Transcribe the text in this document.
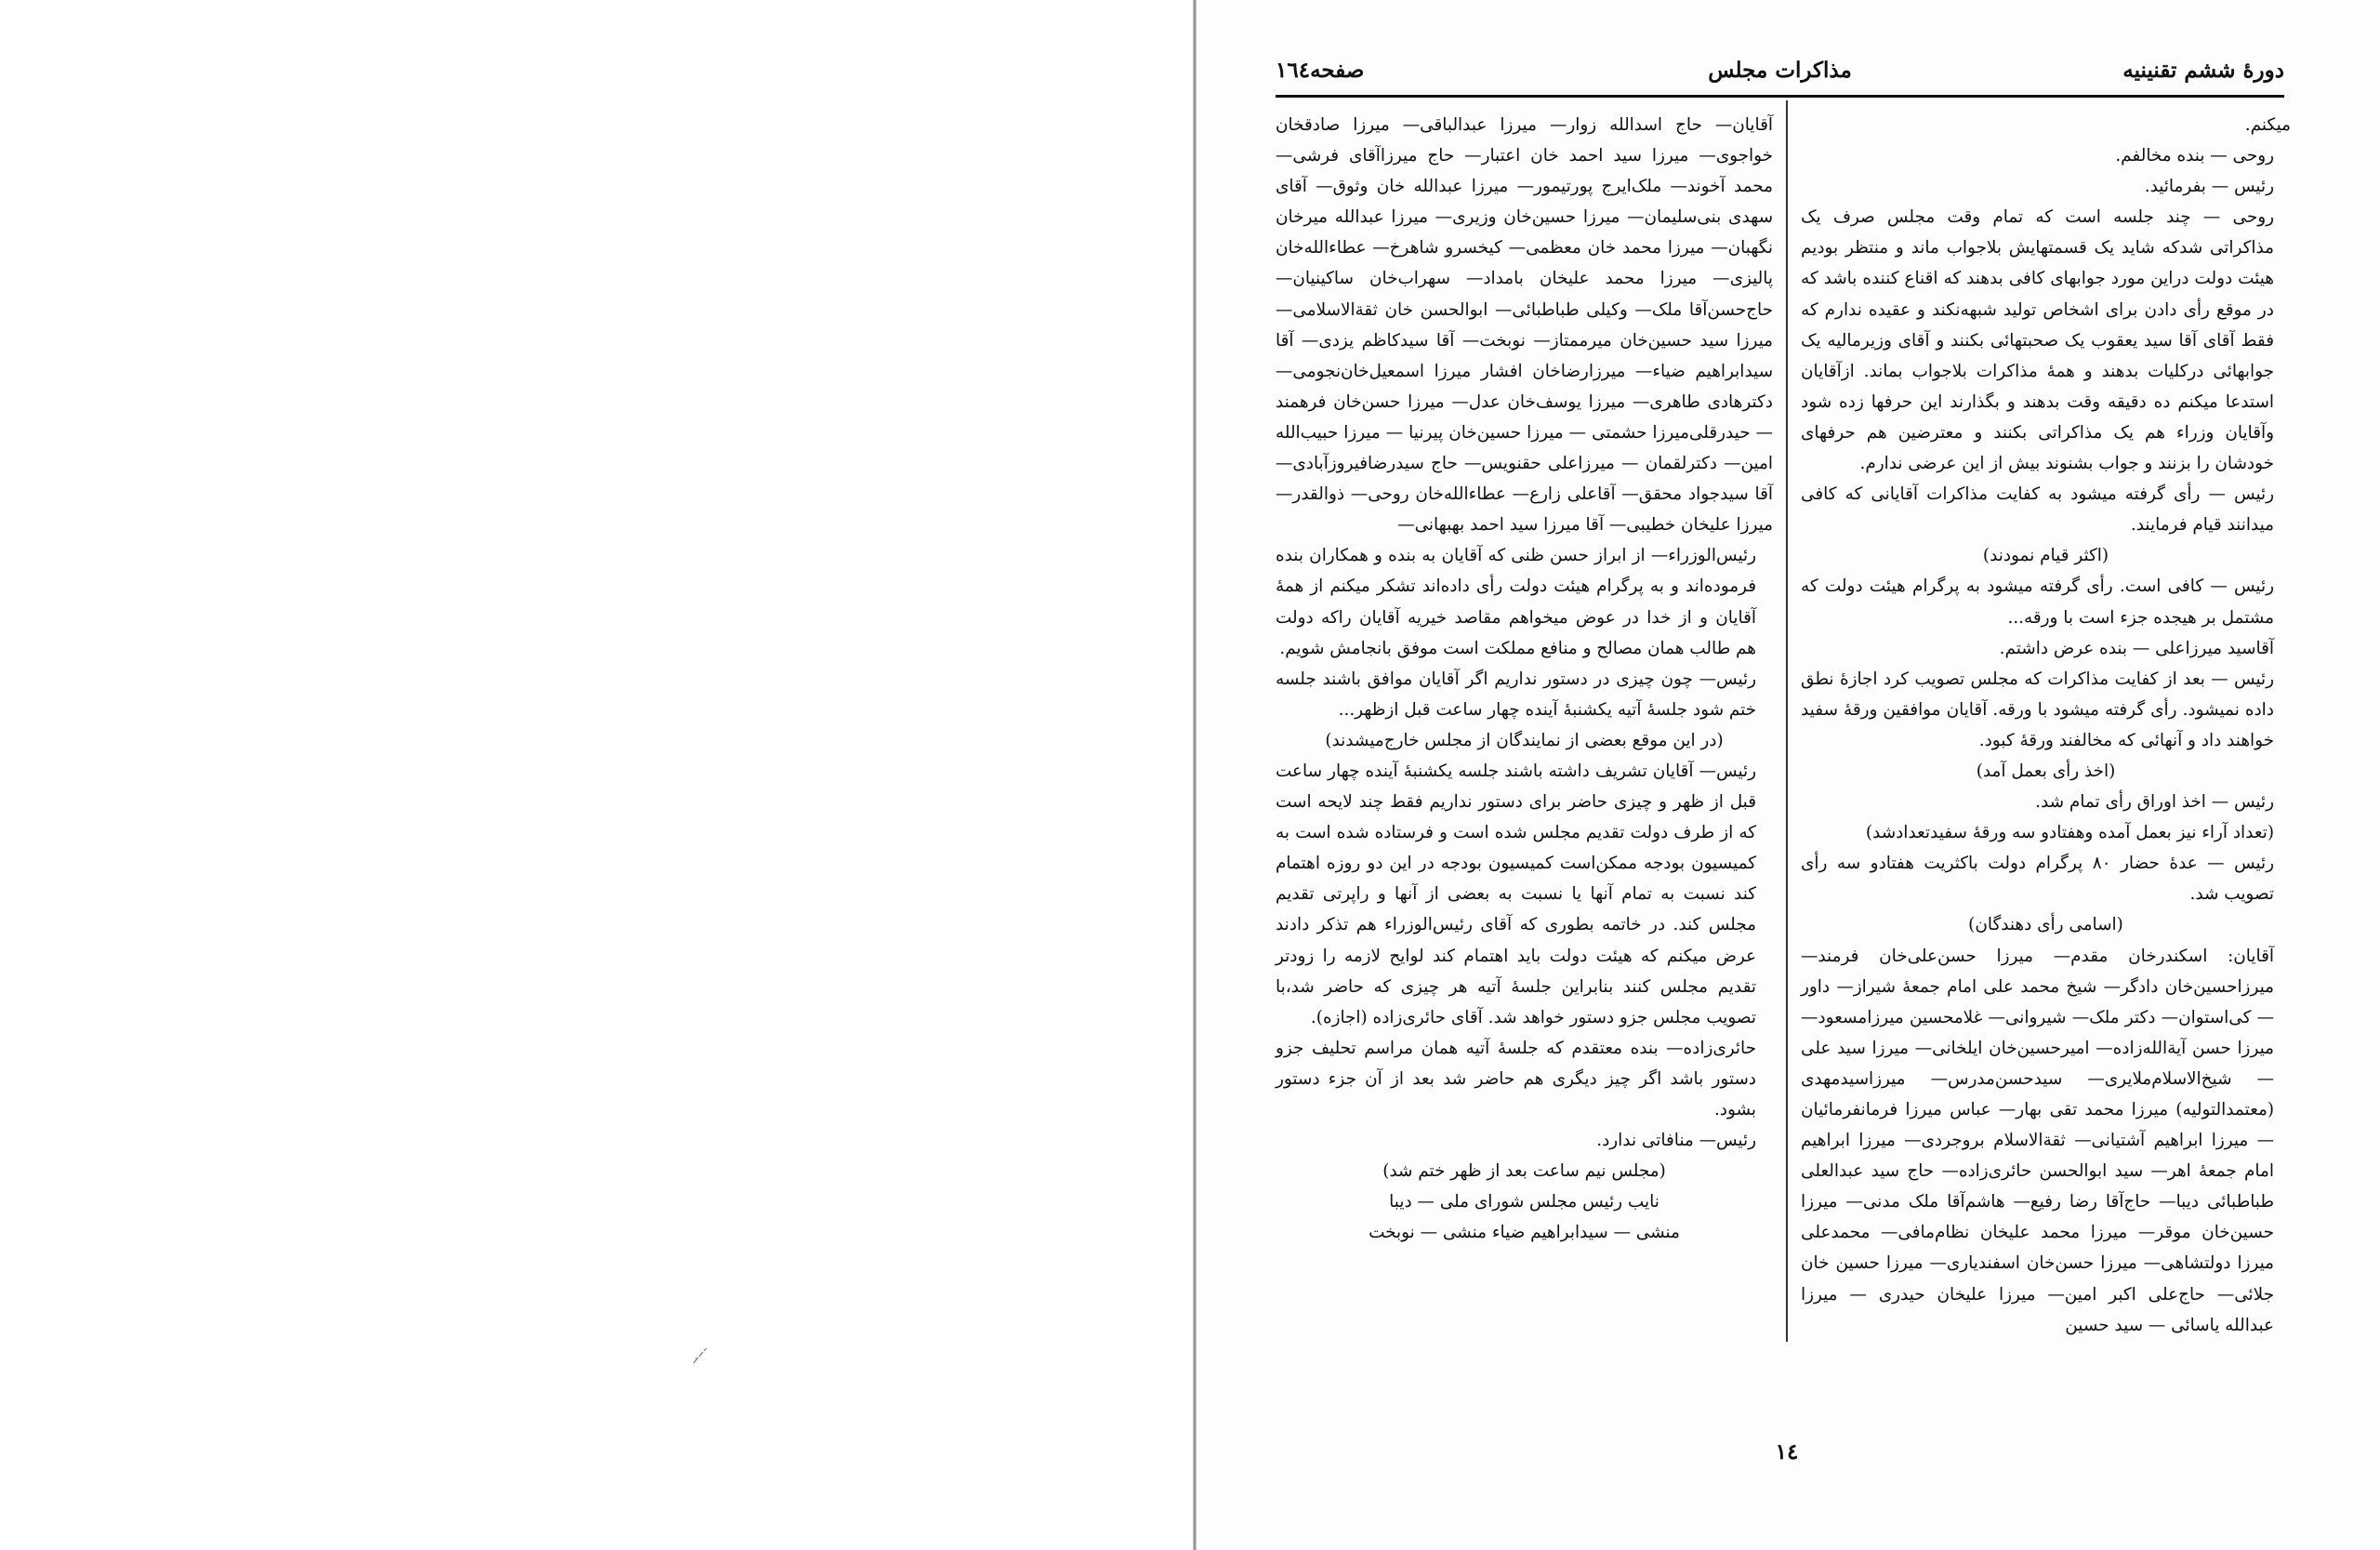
دورهٔ ششم تقنینیه
مذاکرات مجلس
صفحه۱٦٤

میکنم.

روحی — بنده مخالفم.

رئیس — بفرمائید.

روحی — چند جلسه است که تمام وقت مجلس صرف یک مذاکراتی شدکه شاید یک قسمتهایش بلاجواب ماند و منتظر بودیم هیئت دولت دراین مورد جوابهای کافی بدهند که اقناع کننده باشد که در موقع رأی دادن برای اشخاص تولید شبهه‌نکند و عقیده ندارم که فقط آقای آقا سید یعقوب یک صحبتهائی بکنند و آقای وزیرمالیه یک جوابهائی درکلیات بدهند و همهٔ مذاکرات بلاجواب بماند. ازآقایان استدعا میکنم ده دقیقه وقت بدهند و بگذارند این حرفها زده شود وآقایان وزراء هم یک مذاکراتی بکنند و معترضین هم حرفهای خودشان را بزنند و جواب بشنوند بیش از این عرضی ندارم.

رئیس — رأی گرفته میشود به کفایت مذاکرات آقایانی که کافی میدانند قیام فرمایند.

(اکثر قیام نمودند)

رئیس — کافی است. رأی گرفته میشود به پرگرام هیئت دولت که مشتمل بر هیجده جزء است با ورقه...

آقاسید میرزاعلی — بنده عرض داشتم.

رئیس — بعد از کفایت مذاکرات که مجلس تصویب کرد اجازهٔ نطق داده نمیشود. رأی گرفته میشود با ورقه. آقایان موافقین ورقهٔ سفید خواهند داد و آنهائی که مخالفند ورقهٔ کبود.

(اخذ رأی بعمل آمد)

رئیس — اخذ اوراق رأی تمام شد.

(تعداد آراء نیز بعمل آمده وهفتادو سه ورقهٔ سفیدتعدادشد)

رئیس — عدهٔ حضار ۸۰ پرگرام دولت باکثریت هفتادو سه رأی تصویب شد.

(اسامی رأی دهندگان)

آقایان: اسکندرخان مقدم— میرزا حسن‌علی‌خان فرمند— میرزاحسین‌خان دادگر— شیخ محمد علی امام جمعهٔ شیراز— داور— کی‌استوان— دکتر ملک— شیروانی— غلامحسین میرزامسعود— میرزا حسن آیةالله‌زاده— امیرحسین‌خان ایلخانی— میرزا سید علی— شیخ‌الاسلام‌ملایری— سیدحسن‌مدرس— میرزاسیدمهدی (معتمدالتولیه) میرزا محمد تقی بهار— عباس میرزا فرمانفرمائیان— میرزا ابراهیم آشتیانی— ثقةالاسلام بروجردی— میرزا ابراهیم امام جمعهٔ اهر— سید ابوالحسن حائری‌زاده— حاج سید عبدالعلی طباطبائی دیبا— حاج‌آقا رضا رفیع— هاشم‌آقا ملک مدنی— میرزا حسین‌خان موقر— میرزا محمد علیخان نظام‌مافی— محمدعلی میرزا دولتشاهی— میرزا حسن‌خان اسفندیاری— میرزا حسین خان جلائی— حاج‌علی اکبر امین— میرزا علیخان حیدری — میرزا عبدالله یاسائی — سید حسین

آقایان— حاج اسدالله زوار— میرزا عبدالباقی— میرزا صادقخان خواجوی— میرزا سید احمد خان اعتبار— حاج میرزاآقای فرشی— محمد آخوند— ملک‌ایرج پورتیمور— میرزا عبدالله خان وثوق— آقای سهدی بنی‌سلیمان— میرزا حسین‌خان وزیری— میرزا عبدالله میرخان نگهبان— میرزا محمد خان معظمی— کیخسرو شاهرخ— عطاءالله‌خان پالیزی— میرزا محمد علیخان بامداد— سهراب‌خان ساکینیان— حاج‌حسن‌آقا ملک— وکیلی طباطبائی— ابوالحسن خان ثقةالاسلامی— میرزا سید حسین‌خان میرممتاز— نوبخت— آقا سیدکاظم یزدی— آقا سیدابراهیم ضیاء— میرزارضاخان افشار میرزا اسمعیل‌خان‌نجومی— دکترهادی طاهری— میرزا یوسف‌خان عدل— میرزا حسن‌خان فرهمند— حیدرقلی‌میرزا حشمتی — میرزا حسین‌خان پیرنیا — میرزا حبیب‌الله امین— دکترلقمان — میرزاعلی حقنویس— حاج سیدرضافیروزآبادی— آقا سیدجواد محقق— آقاعلی زارع— عطاءالله‌خان روحی— ذوالقدر— میرزا علیخان خطیبی— آقا میرزا سید احمد بهبهانی—

رئیس‌الوزراء— از ابراز حسن ظنی که آقایان به بنده و همکاران بنده فرموده‌اند و به پرگرام هیئت دولت رأی داده‌اند تشکر میکنم از همهٔ آقایان و از خدا در عوض میخواهم مقاصد خیریه آقایان راکه دولت هم طالب همان مصالح و منافع مملکت است موفق بانجامش شویم.

رئیس— چون چیزی در دستور نداریم اگر آقایان موافق باشند جلسه ختم شود جلسهٔ آتیه یکشنبهٔ آینده چهار ساعت قبل ازظهر...

(در این موقع بعضی از نمایندگان از مجلس خارج‌میشدند)

رئیس— آقایان تشریف داشته باشند جلسه یکشنبهٔ آینده چهار ساعت قبل از ظهر و چیزی حاضر برای دستور نداریم فقط چند لایحه است که از طرف دولت تقدیم مجلس شده است و فرستاده شده است به کمیسیون بودجه ممکن‌است کمیسیون بودجه در این دو روزه اهتمام کند نسبت به تمام آنها یا نسبت به بعضی از آنها و راپرتی تقدیم مجلس کند. در خاتمه بطوری که آقای رئیس‌الوزراء هم تذکر دادند عرض میکنم که هیئت دولت باید اهتمام کند لوایح لازمه را زودتر تقدیم مجلس کنند بنابراین جلسهٔ آتیه هر چیزی که حاضر شد،با تصویب مجلس جزو دستور خواهد شد. آقای حائری‌زاده (اجازه).

حائری‌زاده— بنده معتقدم که جلسهٔ آتیه همان مراسم تحلیف جزو دستور باشد اگر چیز دیگری هم حاضر شد بعد از آن جزء دستور بشود.

رئیس— منافاتی ندارد.

(مجلس نیم ساعت بعد از ظهر ختم شد)

نایب رئیس مجلس شورای ملی — دیبا

منشی — سیدابراهیم ضیاء منشی — نوبخت

۱٤
